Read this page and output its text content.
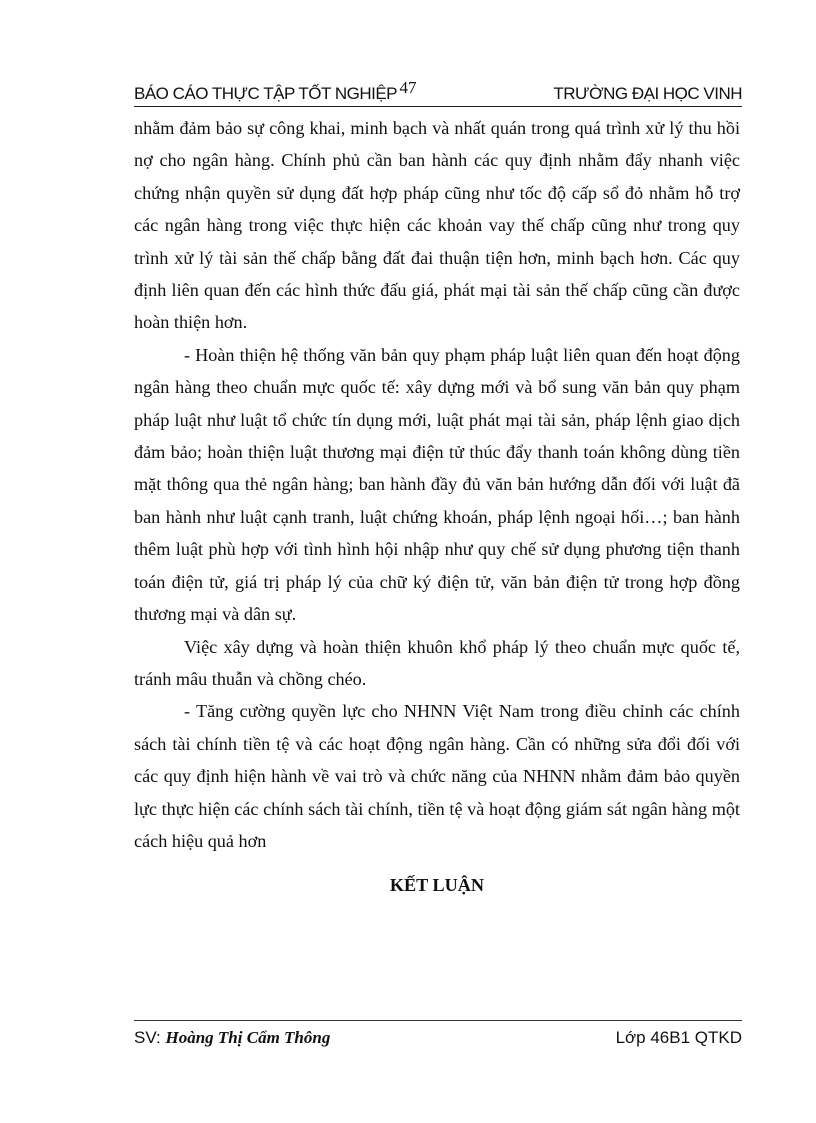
47
BÁO CÁO THỰC TẬP TỐT NGHIỆP	TRƯỜNG ĐẠI HỌC VINH

nhằm đảm bảo sự công khai, minh bạch và nhất quán trong quá trình xử lý thu hồi nợ cho ngân hàng. Chính phủ cần ban hành các quy định nhằm đẩy nhanh việc chứng nhận quyền sử dụng đất hợp pháp cũng như tốc độ cấp sổ đỏ nhằm hỗ trợ các ngân hàng trong việc thực hiện các khoản vay thế chấp cũng như trong quy trình xử lý tài sản thế chấp bằng đất đai thuận tiện hơn, minh bạch hơn. Các quy định liên quan đến các hình thức đấu giá, phát mại tài sản thế chấp cũng cần được hoàn thiện hơn.

- Hoàn thiện hệ thống văn bản quy phạm pháp luật liên quan đến hoạt động ngân hàng theo chuẩn mực quốc tế: xây dựng mới và bổ sung văn bản quy phạm pháp luật như luật tổ chức tín dụng mới, luật phát mại tài sản, pháp lệnh giao dịch đảm bảo; hoàn thiện luật thương mại điện tử thúc đẩy thanh toán không dùng tiền mặt thông qua thẻ ngân hàng; ban hành đầy đủ văn bản hướng dẫn đối với luật đã ban hành như luật cạnh tranh, luật chứng khoán, pháp lệnh ngoại hối…; ban hành thêm luật phù hợp với tình hình hội nhập như quy chế sử dụng phương tiện thanh toán điện tử, giá trị pháp lý của chữ ký điện tử, văn bản điện tử trong hợp đồng thương mại và dân sự.

Việc xây dựng và hoàn thiện khuôn khổ pháp lý theo chuẩn mực quốc tế, tránh mâu thuẫn và chồng chéo.

- Tăng cường quyền lực cho NHNN Việt Nam trong điều chỉnh các chính sách tài chính tiền tệ và các hoạt động ngân hàng. Cần có những sửa đổi đối với các quy định hiện hành về vai trò và chức năng của NHNN nhằm đảm bảo quyền lực thực hiện các chính sách tài chính, tiền tệ và hoạt động giám sát ngân hàng một cách hiệu quả hơn

KẾT LUẬN

SV: Hoàng Thị Cẩm Thông	Lớp 46B1 QTKD
